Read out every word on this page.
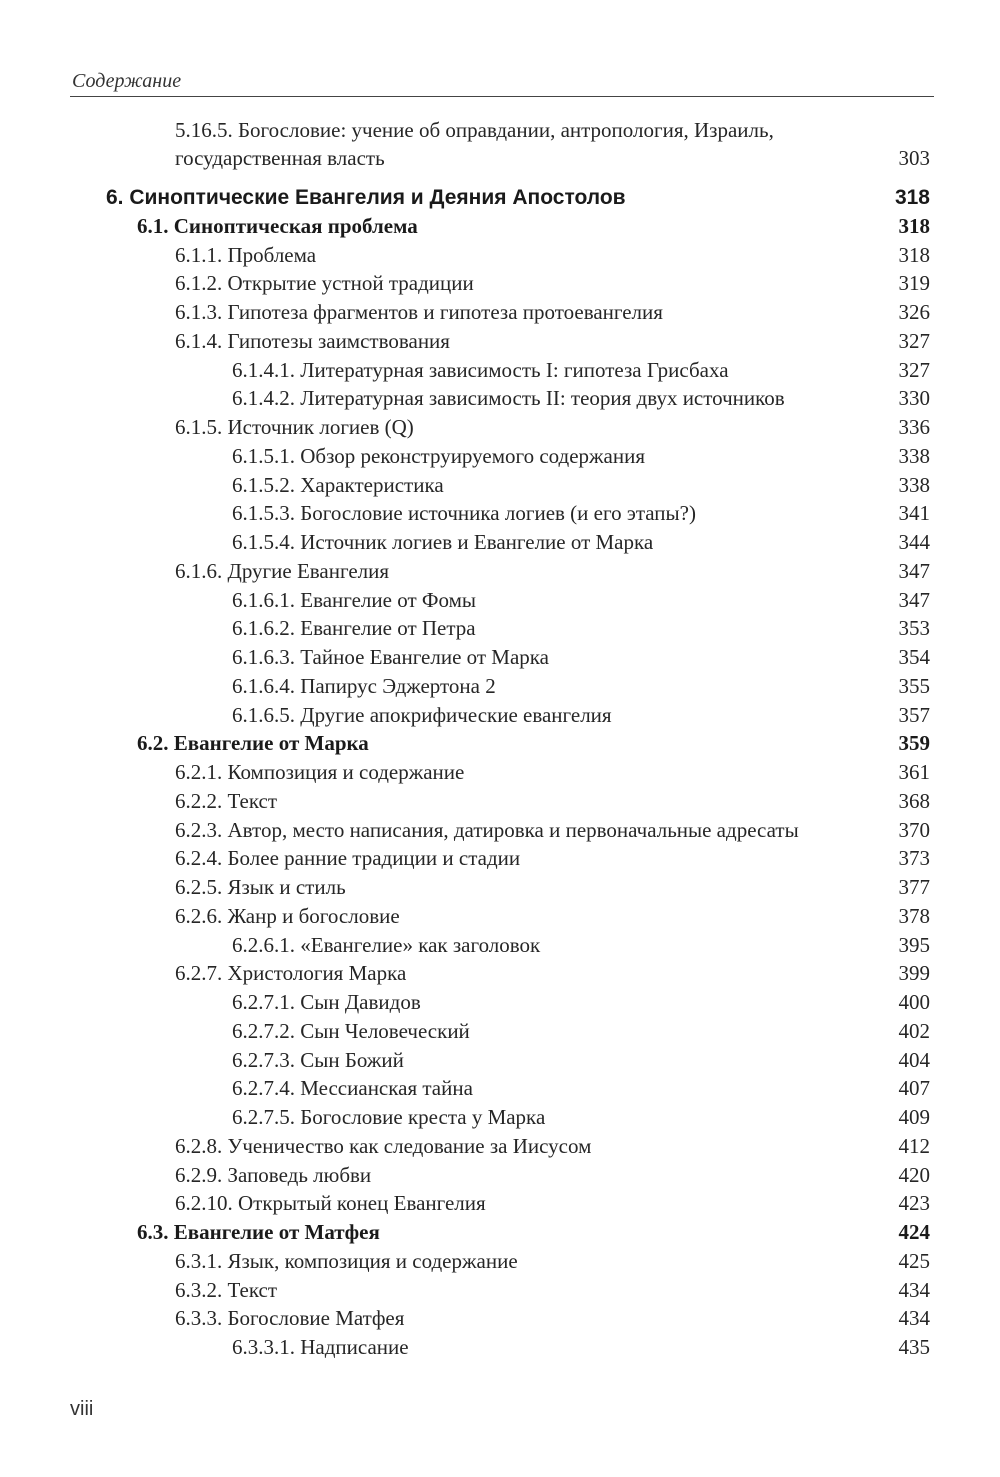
Содержание
5.16.5. Богословие: учение об оправдании, антропология, Израиль,
государственная власть	303
6. Синоптические Евангелия и Деяния Апостолов	318
6.1. Синоптическая проблема	318
6.1.1. Проблема	318
6.1.2. Открытие устной традиции	319
6.1.3. Гипотеза фрагментов и гипотеза протоевангелия	326
6.1.4. Гипотезы заимствования	327
6.1.4.1. Литературная зависимость I: гипотеза Грисбаха	327
6.1.4.2. Литературная зависимость II: теория двух источников	330
6.1.5. Источник логиев (Q)	336
6.1.5.1. Обзор реконструируемого содержания	338
6.1.5.2. Характеристика	338
6.1.5.3. Богословие источника логиев (и его этапы?)	341
6.1.5.4. Источник логиев и Евангелие от Марка	344
6.1.6. Другие Евангелия	347
6.1.6.1. Евангелие от Фомы	347
6.1.6.2. Евангелие от Петра	353
6.1.6.3. Тайное Евангелие от Марка	354
6.1.6.4. Папирус Эджертона 2	355
6.1.6.5. Другие апокрифические евангелия	357
6.2. Евангелие от Марка	359
6.2.1. Композиция и содержание	361
6.2.2. Текст	368
6.2.3. Автор, место написания, датировка и первоначальные адресаты	370
6.2.4. Более ранние традиции и стадии	373
6.2.5. Язык и стиль	377
6.2.6. Жанр и богословие	378
6.2.6.1. «Евангелие» как заголовок	395
6.2.7. Христология Марка	399
6.2.7.1. Сын Давидов	400
6.2.7.2. Сын Человеческий	402
6.2.7.3. Сын Божий	404
6.2.7.4. Мессианская тайна	407
6.2.7.5. Богословие креста у Марка	409
6.2.8. Ученичество как следование за Иисусом	412
6.2.9. Заповедь любви	420
6.2.10. Открытый конец Евангелия	423
6.3. Евангелие от Матфея	424
6.3.1. Язык, композиция и содержание	425
6.3.2. Текст	434
6.3.3. Богословие Матфея	434
6.3.3.1. Надписание	435
viii
